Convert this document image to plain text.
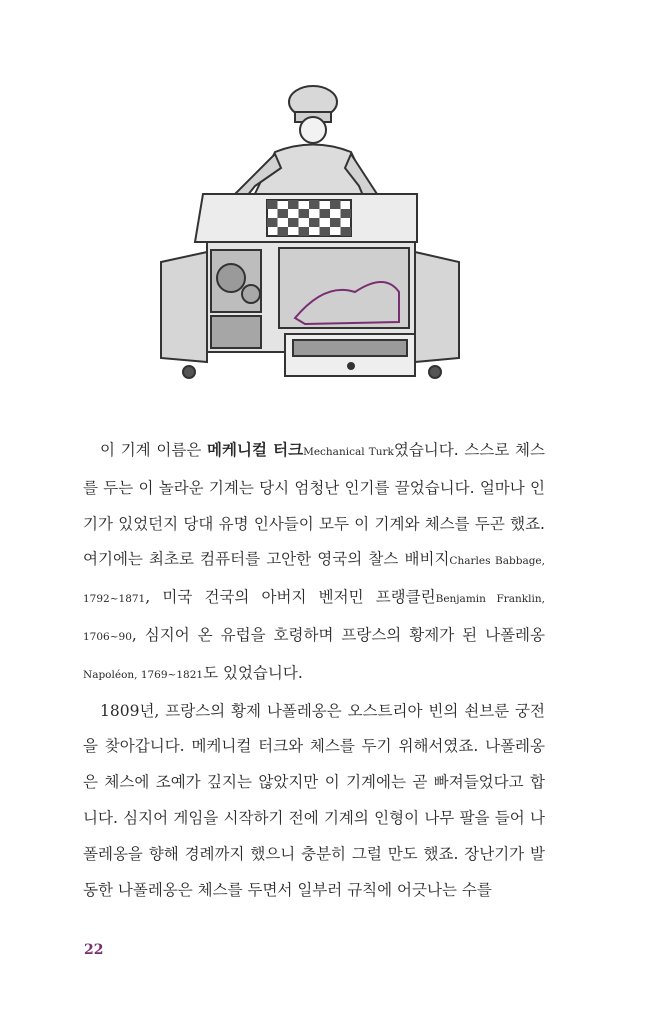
이 기계 이름은 메케니컬 터크Mechanical Turk였습니다. 스스로 체스를 두는 이 놀라운 기계는 당시 엄청난 인기를 끌었습니다. 얼마나 인기가 있었던지 당대 유명 인사들이 모두 이 기계와 체스를 두곤 했죠. 여기에는 최초로 컴퓨터를 고안한 영국의 찰스 배비지Charles Babbage, 1792~1871, 미국 건국의 아버지 벤저민 프랭클린Benjamin Franklin, 1706~90, 심지어 온 유럽을 호령하며 프랑스의 황제가 된 나폴레옹Napoléon, 1769~1821도 있었습니다.

1809년, 프랑스의 황제 나폴레옹은 오스트리아 빈의 쇤브룬 궁전을 찾아갑니다. 메케니컬 터크와 체스를 두기 위해서였죠. 나폴레옹은 체스에 조예가 깊지는 않았지만 이 기계에는 곧 빠져들었다고 합니다. 심지어 게임을 시작하기 전에 기계의 인형이 나무 팔을 들어 나폴레옹을 향해 경례까지 했으니 충분히 그럴 만도 했죠. 장난기가 발동한 나폴레옹은 체스를 두면서 일부러 규칙에 어긋나는 수를

22
